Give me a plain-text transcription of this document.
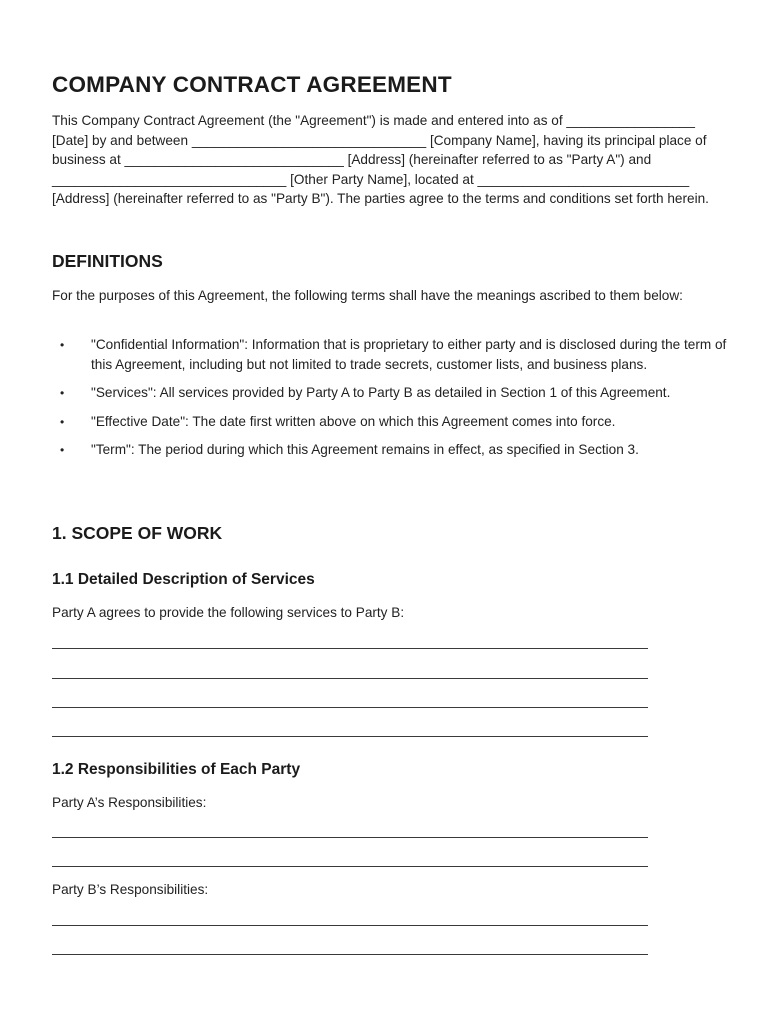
COMPANY CONTRACT AGREEMENT

This Company Contract Agreement (the "Agreement") is made and entered into as of _________________ [Date] by and between _______________________________ [Company Name], having its principal place of business at _____________________________ [Address] (hereinafter referred to as "Party A") and _______________________________ [Other Party Name], located at ____________________________ [Address] (hereinafter referred to as "Party B"). The parties agree to the terms and conditions set forth herein.

DEFINITIONS

For the purposes of this Agreement, the following terms shall have the meanings ascribed to them below:

• "Confidential Information": Information that is proprietary to either party and is disclosed during the term of this Agreement, including but not limited to trade secrets, customer lists, and business plans.
• "Services": All services provided by Party A to Party B as detailed in Section 1 of this Agreement.
• "Effective Date": The date first written above on which this Agreement comes into force.
• "Term": The period during which this Agreement remains in effect, as specified in Section 3.
1. SCOPE OF WORK
1.1 Detailed Description of Services

Party A agrees to provide the following services to Party B:

1.2 Responsibilities of Each Party

Party A’s Responsibilities:

Party B’s Responsibilities:
